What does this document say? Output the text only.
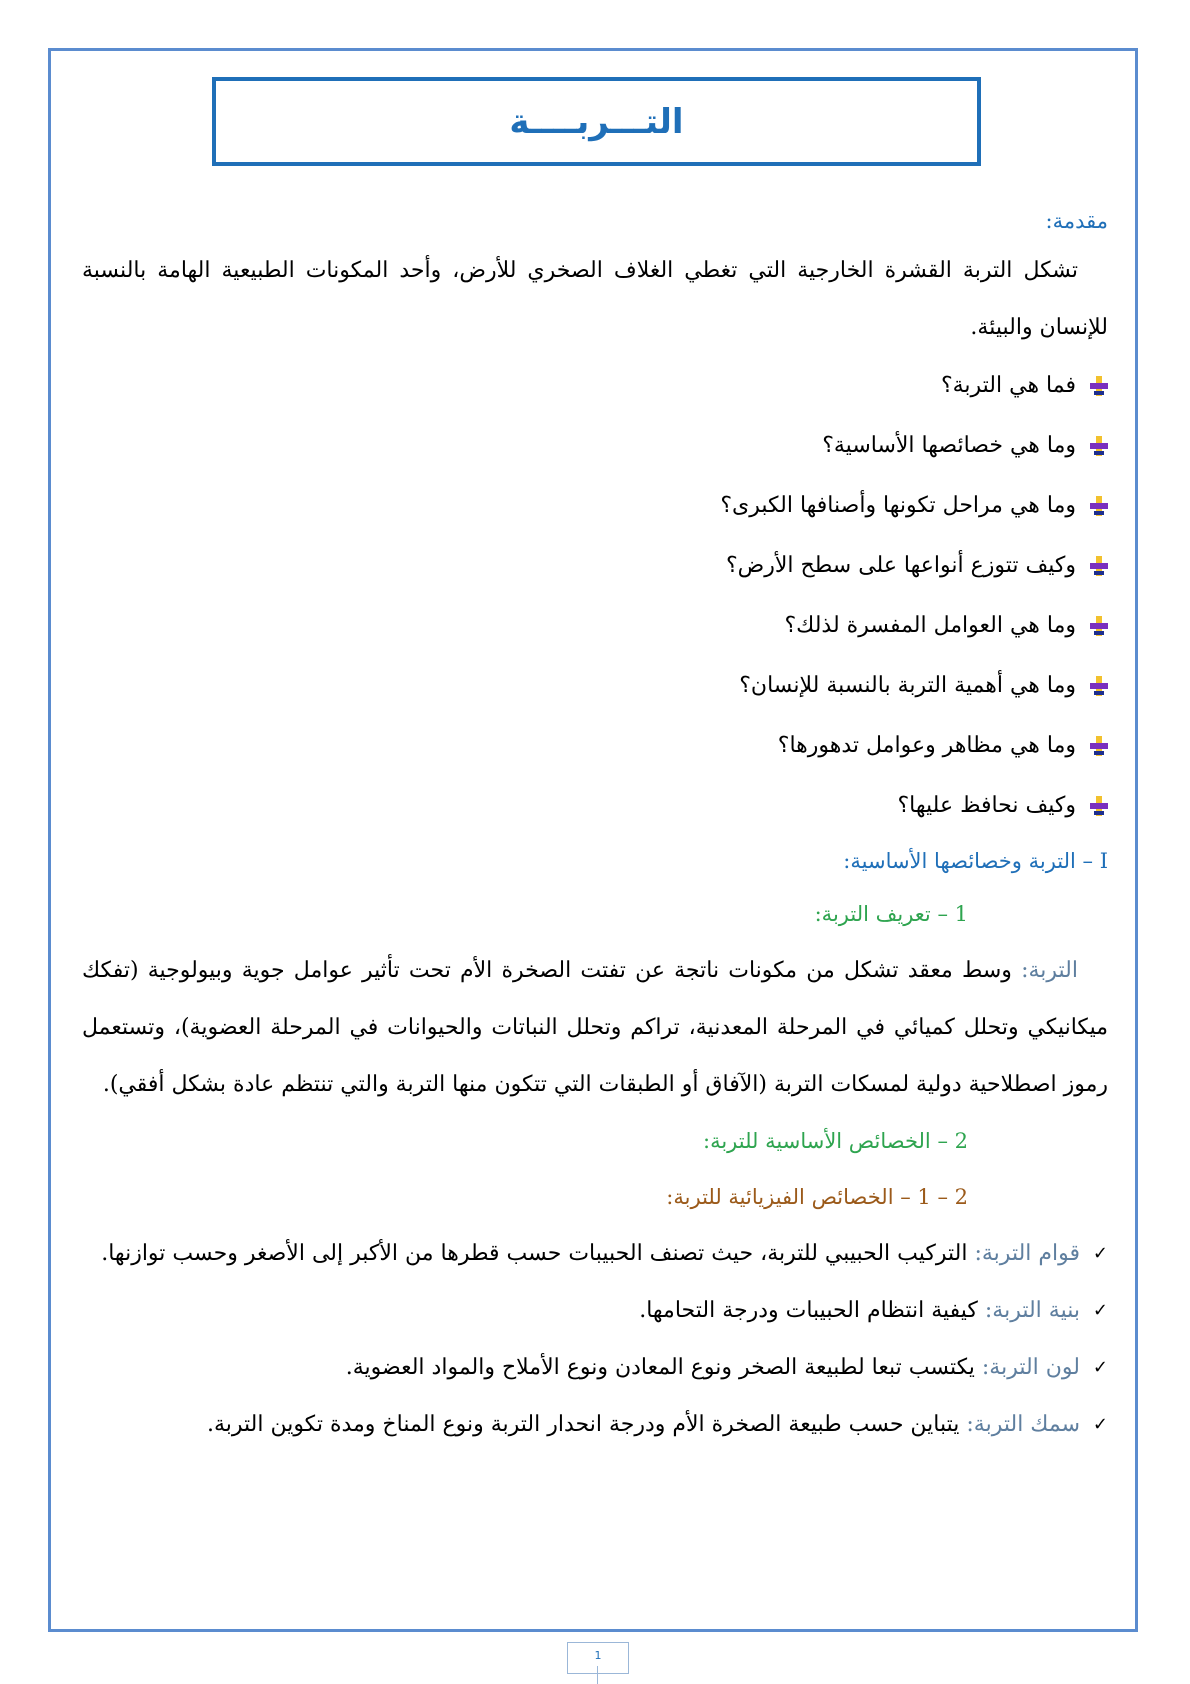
التـــربــــة
مقدمة:
تشكل التربة القشرة الخارجية التي تغطي الغلاف الصخري للأرض، وأحد المكونات الطبيعية الهامة بالنسبة للإنسان والبيئة.
فما هي التربة؟
وما هي خصائصها الأساسية؟
وما هي مراحل تكونها وأصنافها الكبرى؟
وكيف تتوزع أنواعها على سطح الأرض؟
وما هي العوامل المفسرة لذلك؟
وما هي أهمية التربة بالنسبة للإنسان؟
وما هي مظاهر وعوامل تدهورها؟
وكيف نحافظ عليها؟
I – التربة وخصائصها الأساسية:
1 – تعريف التربة:
التربة: وسط معقد تشكل من مكونات ناتجة عن تفتت الصخرة الأم تحت تأثير عوامل جوية وبيولوجية (تفكك ميكانيكي وتحلل كميائي في المرحلة المعدنية، تراكم وتحلل النباتات والحيوانات في المرحلة العضوية)، وتستعمل رموز اصطلاحية دولية لمسكات التربة (الآفاق أو الطبقات التي تتكون منها التربة والتي تنتظم عادة بشكل أفقي).
2 – الخصائص الأساسية للتربة:
2 – 1 – الخصائص الفيزيائية للتربة:
✓
قوام التربة: التركيب الحبيبي للتربة، حيث تصنف الحبيبات حسب قطرها من الأكبر إلى الأصغر وحسب توازنها.
✓
بنية التربة: كيفية انتظام الحبيبات ودرجة التحامها.
✓
لون التربة: يكتسب تبعا لطبيعة الصخر ونوع المعادن ونوع الأملاح والمواد العضوية.
✓
سمك التربة: يتباين حسب طبيعة الصخرة الأم ودرجة انحدار التربة ونوع المناخ ومدة تكوين التربة.
1
